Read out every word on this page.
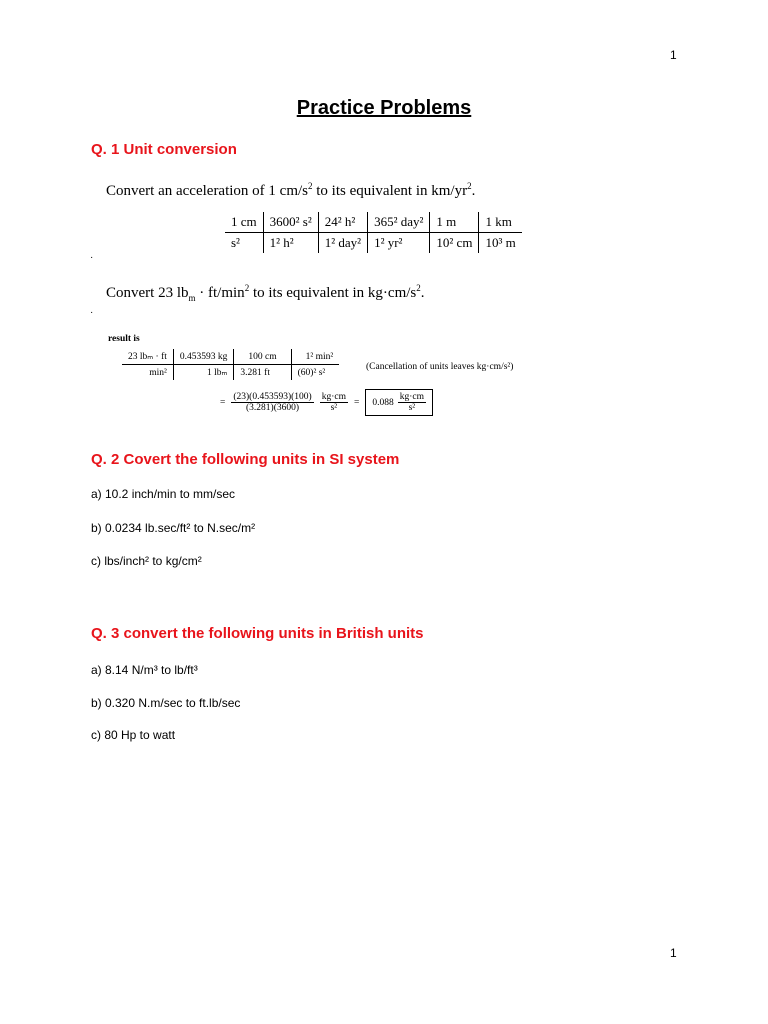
1
Practice Problems
Q. 1 Unit conversion
Convert an acceleration of 1 $cm/s^2$ to its equivalent in $km/yr^2$.
1 cm	3600² s²	24² h²	365² day²	1 m	1 km
s²	1² h²	1² day²	1² yr²	10² cm	10³ m
·
Convert 23 $lb_m \cdot ft/\min^2$ to its equivalent in $kg\cdot cm/s^2$.
·
result is
23 lbₘ · ft	0.453593 kg	100 cm	1² min²
min²	1 lbₘ	3.281 ft	(60)² s²
(Cancellation of units leaves kg·cm/s²)
= $\frac{(23)(0.453593)(100)}{(3.281)(3600)} \frac{kg\cdot cm}{\text{s²}} = 0.088 \frac{kg\cdot cm}{\text{s²}}$
Q. 2 Covert the following units in SI system
a) 10.2 inch/min to mm/sec
b) 0.0234 lb.sec/ft² to N.sec/m²
c) lbs/inch² to kg/cm²
Q. 3 convert the following units in British units
a) 8.14 N/m³ to lb/ft³
b) 0.320 N.m/sec to ft.lb/sec
c) 80 Hp to watt
1
